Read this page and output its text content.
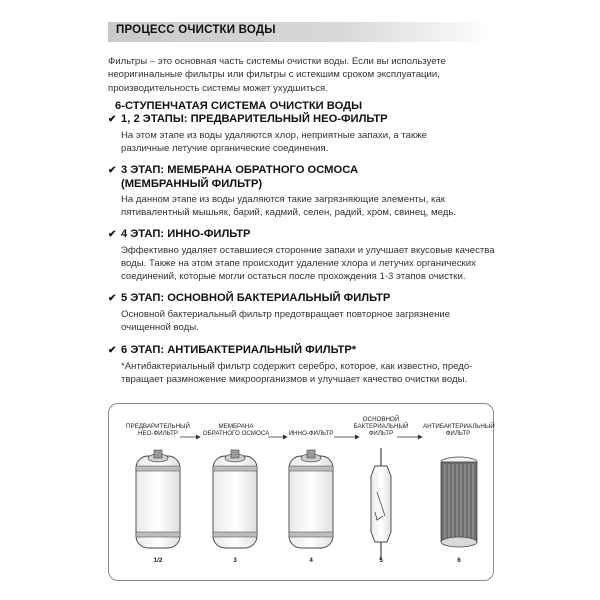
ПРОЦЕСС ОЧИСТКИ ВОДЫ
Фильтры – это основная часть системы очистки воды. Если вы используете
неоригинальные фильтры или фильтры с истекшим сроком эксплуатации,
производительность системы может ухудшиться.
6-СТУПЕНЧАТАЯ СИСТЕМА ОЧИСТКИ ВОДЫ
✔ 1, 2 ЭТАПЫ: ПРЕДВАРИТЕЛЬНЫЙ НЕО-ФИЛЬТР
На этом этапе из воды удаляются хлор, неприятные запахи, а также
различные летучие органические соединения.
✔ 3 ЭТАП: МЕМБРАНА ОБРАТНОГО ОСМОСА
(МЕМБРАННЫЙ ФИЛЬТР)
На данном этапе из воды удаляются такие загрязняющие элементы, как
пятивалентный мышьяк, барий, кадмий, селен, радий, хром, свинец, медь.
✔ 4 ЭТАП: ИННО-ФИЛЬТР
Эффективно удаляет оставшиеся сторонние запахи и улучшает вкусовые качества
воды. Также на этом этапе происходит удаление хлора и летучих органических
соединений, которые могли остаться после прохождения 1-3 этапов очистки.
✔ 5 ЭТАП: ОСНОВНОЙ БАКТЕРИАЛЬНЫЙ ФИЛЬТР
Основной бактериальный фильтр предотвращает повторное загрязнение
очищенной воды.
✔ 6 ЭТАП: АНТИБАКТЕРИАЛЬНЫЙ ФИЛЬТР*
*Антибактериальный фильтр содержит серебро, которое, как известно, предо-
твращает размножение микроорганизмов и улучшает качество очистки воды.
ПРЕДВАРИТЕЛЬНЫЙ
НЕО-ФИЛЬТР
МЕМБРАНА
ОБРАТНОГО ОСМОСА	ИННО-ФИЛЬТР
ОСНОВНОЙ
БАКТЕРИАЛЬНЫЙ
ФИЛЬТР
АНТИБАКТЕРИАЛЬНЫЙ
ФИЛЬТР
1/2	3	4	5	6
